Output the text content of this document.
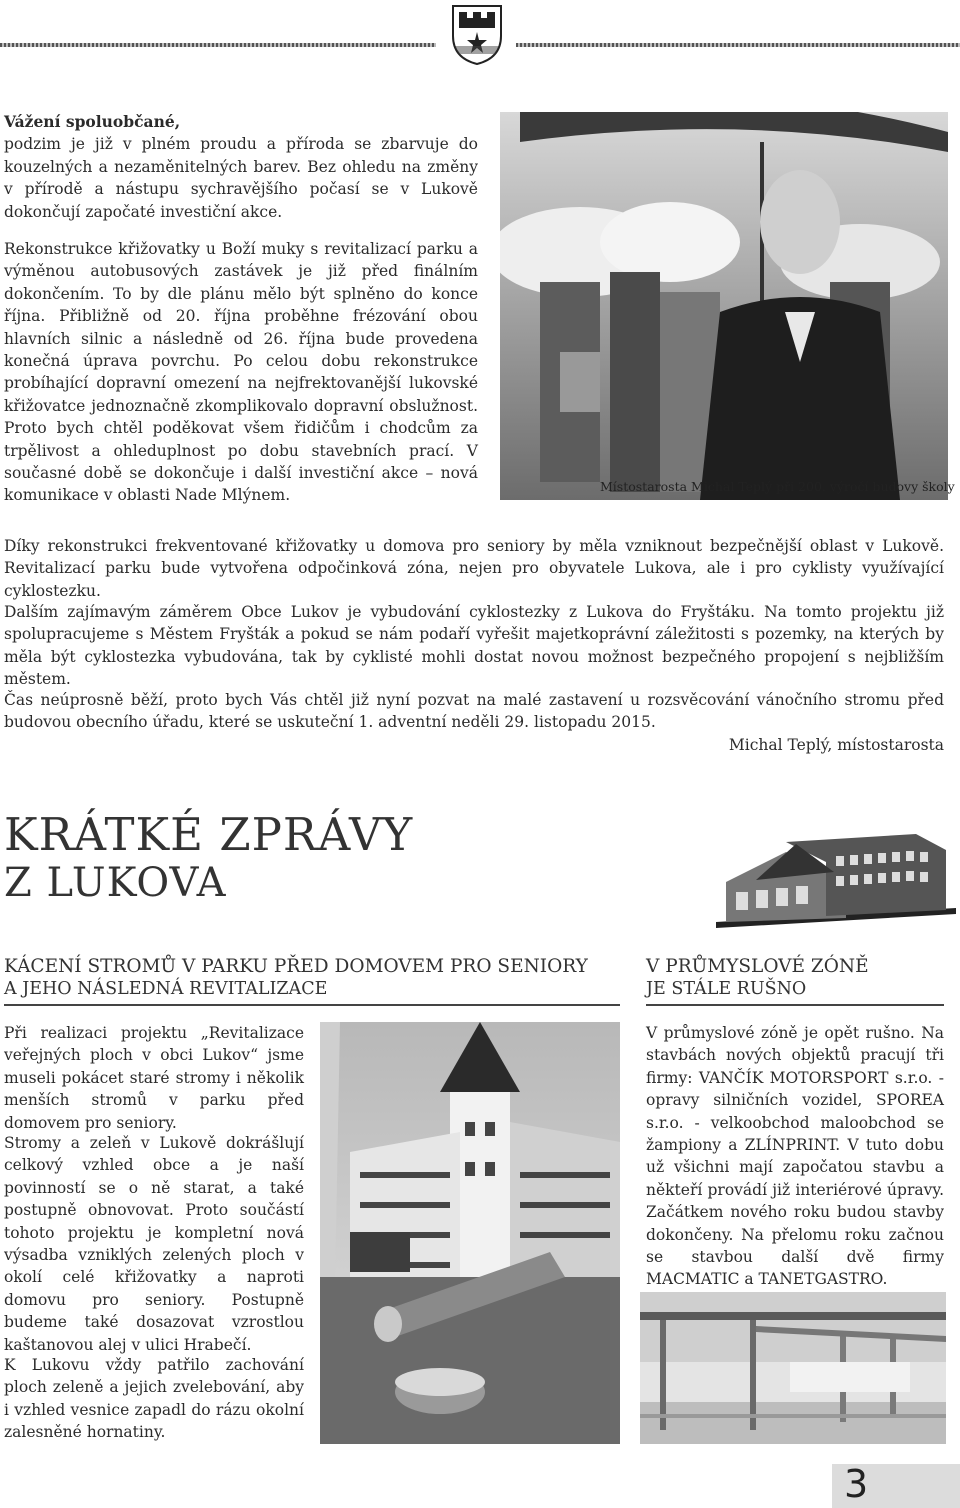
Vážení spoluobčané,

podzim je již v plném proudu a příroda se zbarvuje do kouzelných a nezaměnitelných barev. Bez ohledu na změny v přírodě a nástupu sychravějšího počasí se v Lukově dokončují započaté investiční akce.

Rekonstrukce křižovatky u Boží muky s revitalizací parku a výměnou autobusových zastávek je již před finálním dokončením. To by dle plánu mělo být splněno do konce října. Přibližně od 20. října proběhne frézování obou hlavních silnic a následně od 26. října bude provedena konečná úprava povrchu. Po celou dobu rekonstrukce probíhající dopravní omezení na nejfrektovanější lukovské křižovatce jednoznačně zkomplikovalo dopravní obslužnost. Proto bych chtěl poděkovat všem řidičům i chodcům za trpělivost a ohleduplnost po dobu stavebních prací. V současné době se dokončuje i další investiční akce – nová komunikace v oblasti Nade Mlýnem.	Místostarosta Michal Teplý při 200. výročí budovy školy
Díky rekonstrukci frekventované křižovatky u domova pro seniory by měla vzniknout bezpečnější oblast v Lukově. Revitalizací parku bude vytvořena odpočinková zóna, nejen pro obyvatele Lukova, ale i pro cyklisty využívající cyklostezku.
Dalším zajímavým záměrem Obce Lukov je vybudování cyklostezky z Lukova do Fryštáku. Na tomto projektu již spolupracujeme s Městem Fryšták a pokud se nám podaří vyřešit majetkoprávní záležitosti s pozemky, na kterých by měla být cyklostezka vybudována, tak by cyklisté mohli dostat novou možnost bezpečného propojení s nejbližším městem.
Čas neúprosně běží, proto bych Vás chtěl již nyní pozvat na malé zastavení u rozsvěcování vánočního stromu před budovou obecního úřadu, které se uskuteční 1. adventní neděli 29. listopadu 2015.
Michal Teplý, místostarosta
KRÁTKÉ ZPRÁVY
Z LUKOVA
KÁCENÍ STROMŮ V PARKU PŘED DOMOVEM PRO SENIORY
A JEHO NÁSLEDNÁ REVITALIZACE
Při realizaci projektu „Revitalizace veřejných ploch v obci Lukov“ jsme museli pokácet staré stromy i několik menších stromů v parku před domovem pro seniory.
Stromy a zeleň v Lukově dokrášlují celkový vzhled obce a je naší povinností se o ně starat, a také postupně obnovovat. Proto součástí tohoto projektu je kompletní nová výsadba vzniklých zelených ploch v okolí celé křižovatky a naproti domovu pro seniory. Postupně budeme také dosazovat vzrostlou kaštanovou alej v ulici Hrabečí.
K Lukovu vždy patřilo zachování ploch zeleně a jejich zvelebování, aby i vzhled vesnice zapadl do rázu okolní zalesněné hornatiny.
V PRŮMYSLOVÉ ZÓNĚ
JE STÁLE RUŠNO
V průmyslové zóně je opět rušno. Na stavbách nových objektů pracují tři firmy: VANČÍK MOTORSPORT s.r.o. - opravy silničních vozidel, SPOREA s.r.o. - velkoobchod maloobchod se žampiony a ZLÍNPRINT. V tuto dobu už všichni mají započatou stavbu a někteří provádí již interiérové úpravy. Začátkem nového roku budou stavby dokončeny. Na přelomu roku začnou se stavbou další dvě firmy MACMATIC a TANETGASTRO.
3
